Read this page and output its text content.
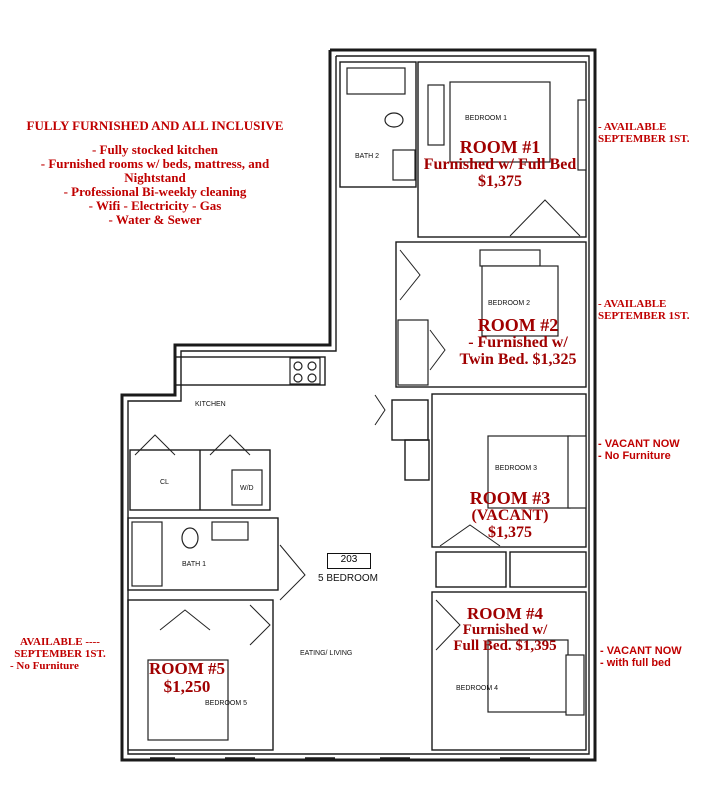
BEDROOM 1
BATH 2
BEDROOM 2
BEDROOM 3
BEDROOM 4
KITCHEN
CL
W/D
BATH 1
BEDROOM 5
EATING/ LIVING
203
5 BEDROOM
FULLY FURNISHED AND ALL INCLUSIVE
- Fully stocked kitchen
- Furnished rooms w/ beds, mattress, and
Nightstand
- Professional Bi-weekly cleaning
- Wifi - Electricity - Gas
- Water & Sewer
ROOM #1
Furnished w/ Full Bed
$1,375
ROOM #2
- Furnished w/
Twin Bed. $1,325
ROOM #3
(VACANT)
$1,375
ROOM #4
Furnished w/
Full Bed. $1,395
ROOM #5
$1,250
- AVAILABLE
SEPTEMBER 1ST.
- AVAILABLE
SEPTEMBER 1ST.
- VACANT NOW
- No Furniture
- VACANT NOW
- with full bed
AVAILABLE ----
SEPTEMBER 1ST.
- No Furniture
